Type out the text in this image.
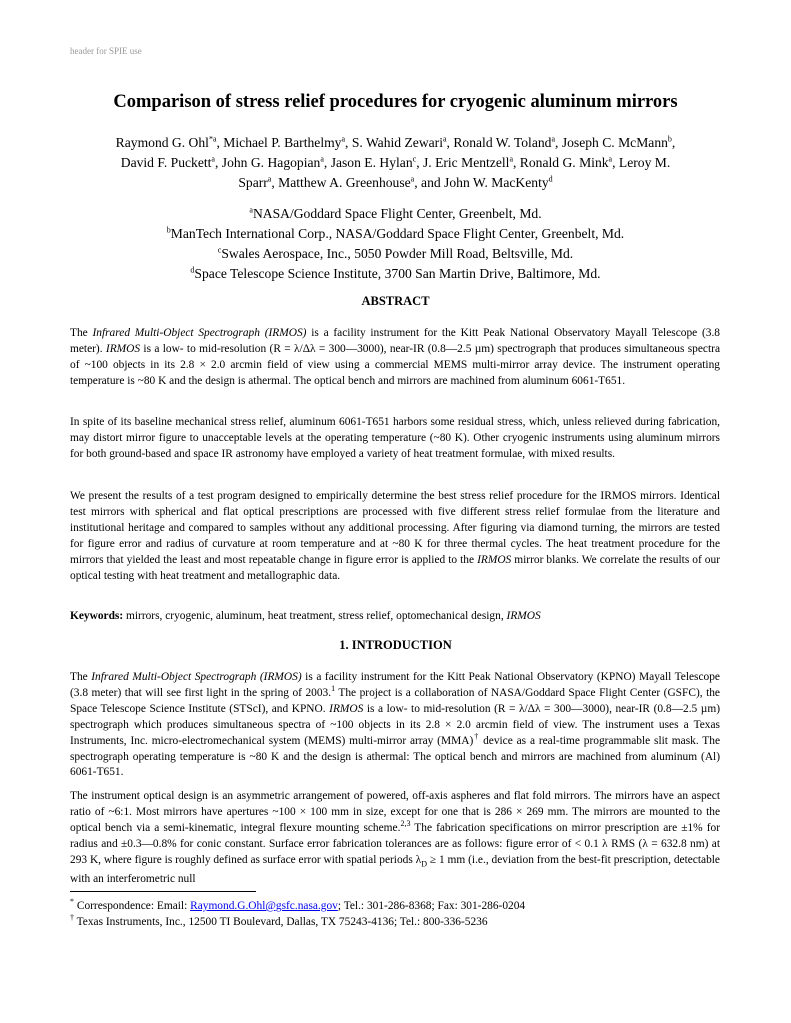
header for SPIE use
Comparison of stress relief procedures for cryogenic aluminum mirrors
Raymond G. Ohl$^{*a}$, Michael P. Barthelmy$^a$, S. Wahid Zewari$^a$, Ronald W. Toland$^a$, Joseph C. McMann$^b$,
David F. Puckett$^a$, John G. Hagopian$^a$, Jason E. Hylan$^c$, J. Eric Mentzell$^a$, Ronald G. Mink$^a$, Leroy M.
Sparr$^a$, Matthew A. Greenhouse$^a$, and John W. MacKenty$^d$
$^a$NASA/Goddard Space Flight Center, Greenbelt, Md.
$^b$ManTech International Corp., NASA/Goddard Space Flight Center, Greenbelt, Md.
$^c$Swales Aerospace, Inc., 5050 Powder Mill Road, Beltsville, Md.
$^d$Space Telescope Science Institute, 3700 San Martin Drive, Baltimore, Md.
ABSTRACT
The Infrared Multi-Object Spectrograph (IRMOS) is a facility instrument for the Kitt Peak National Observatory Mayall Telescope (3.8 meter). IRMOS is a low- to mid-resolution (R = λ/Δλ = 300—3000), near-IR (0.8—2.5 µm) spectrograph that produces simultaneous spectra of ~100 objects in its 2.8 × 2.0 arcmin field of view using a commercial MEMS multi-mirror array device. The instrument operating temperature is ~80 K and the design is athermal. The optical bench and mirrors are machined from aluminum 6061-T651.
In spite of its baseline mechanical stress relief, aluminum 6061-T651 harbors some residual stress, which, unless relieved during fabrication, may distort mirror figure to unacceptable levels at the operating temperature (~80 K). Other cryogenic instruments using aluminum mirrors for both ground-based and space IR astronomy have employed a variety of heat treatment formulae, with mixed results.
We present the results of a test program designed to empirically determine the best stress relief procedure for the IRMOS mirrors. Identical test mirrors with spherical and flat optical prescriptions are processed with five different stress relief formulae from the literature and institutional heritage and compared to samples without any additional processing. After figuring via diamond turning, the mirrors are tested for figure error and radius of curvature at room temperature and at ~80 K for three thermal cycles. The heat treatment procedure for the mirrors that yielded the least and most repeatable change in figure error is applied to the IRMOS mirror blanks. We correlate the results of our optical testing with heat treatment and metallographic data.
Keywords: mirrors, cryogenic, aluminum, heat treatment, stress relief, optomechanical design, IRMOS
1. INTRODUCTION
The Infrared Multi-Object Spectrograph (IRMOS) is a facility instrument for the Kitt Peak National Observatory (KPNO) Mayall Telescope (3.8 meter) that will see first light in the spring of 2003.$^1$ The project is a collaboration of NASA/Goddard Space Flight Center (GSFC), the Space Telescope Science Institute (STScI), and KPNO. IRMOS is a low- to mid-resolution (R = λ/Δλ = 300—3000), near-IR (0.8—2.5 µm) spectrograph which produces simultaneous spectra of ~100 objects in its 2.8 × 2.0 arcmin field of view. The instrument uses a Texas Instruments, Inc. micro-electromechanical system (MEMS) multi-mirror array (MMA)† device as a real-time programmable slit mask. The spectrograph operating temperature is ~80 K and the design is athermal: The optical bench and mirrors are machined from aluminum (Al) 6061-T651.
The instrument optical design is an asymmetric arrangement of powered, off-axis aspheres and flat fold mirrors. The mirrors have an aspect ratio of ~6:1. Most mirrors have apertures ~100 × 100 mm in size, except for one that is 286 × 269 mm. The mirrors are mounted to the optical bench via a semi-kinematic, integral flexure mounting scheme.$^{2,3}$ The fabrication specifications on mirror prescription are ±1% for radius and ±0.3—0.8% for conic constant. Surface error fabrication tolerances are as follows: figure error of < 0.1 λ RMS (λ = 632.8 nm) at 293 K, where figure is roughly defined as surface error with spatial periods $\lambda_D \ge 1$ mm (i.e., deviation from the best-fit prescription, detectable with an interferometric null
* Correspondence: Email: Raymond.G.Ohl@gsfc.nasa.gov; Tel.: 301-286-8368; Fax: 301-286-0204
† Texas Instruments, Inc., 12500 TI Boulevard, Dallas, TX 75243-4136; Tel.: 800-336-5236
